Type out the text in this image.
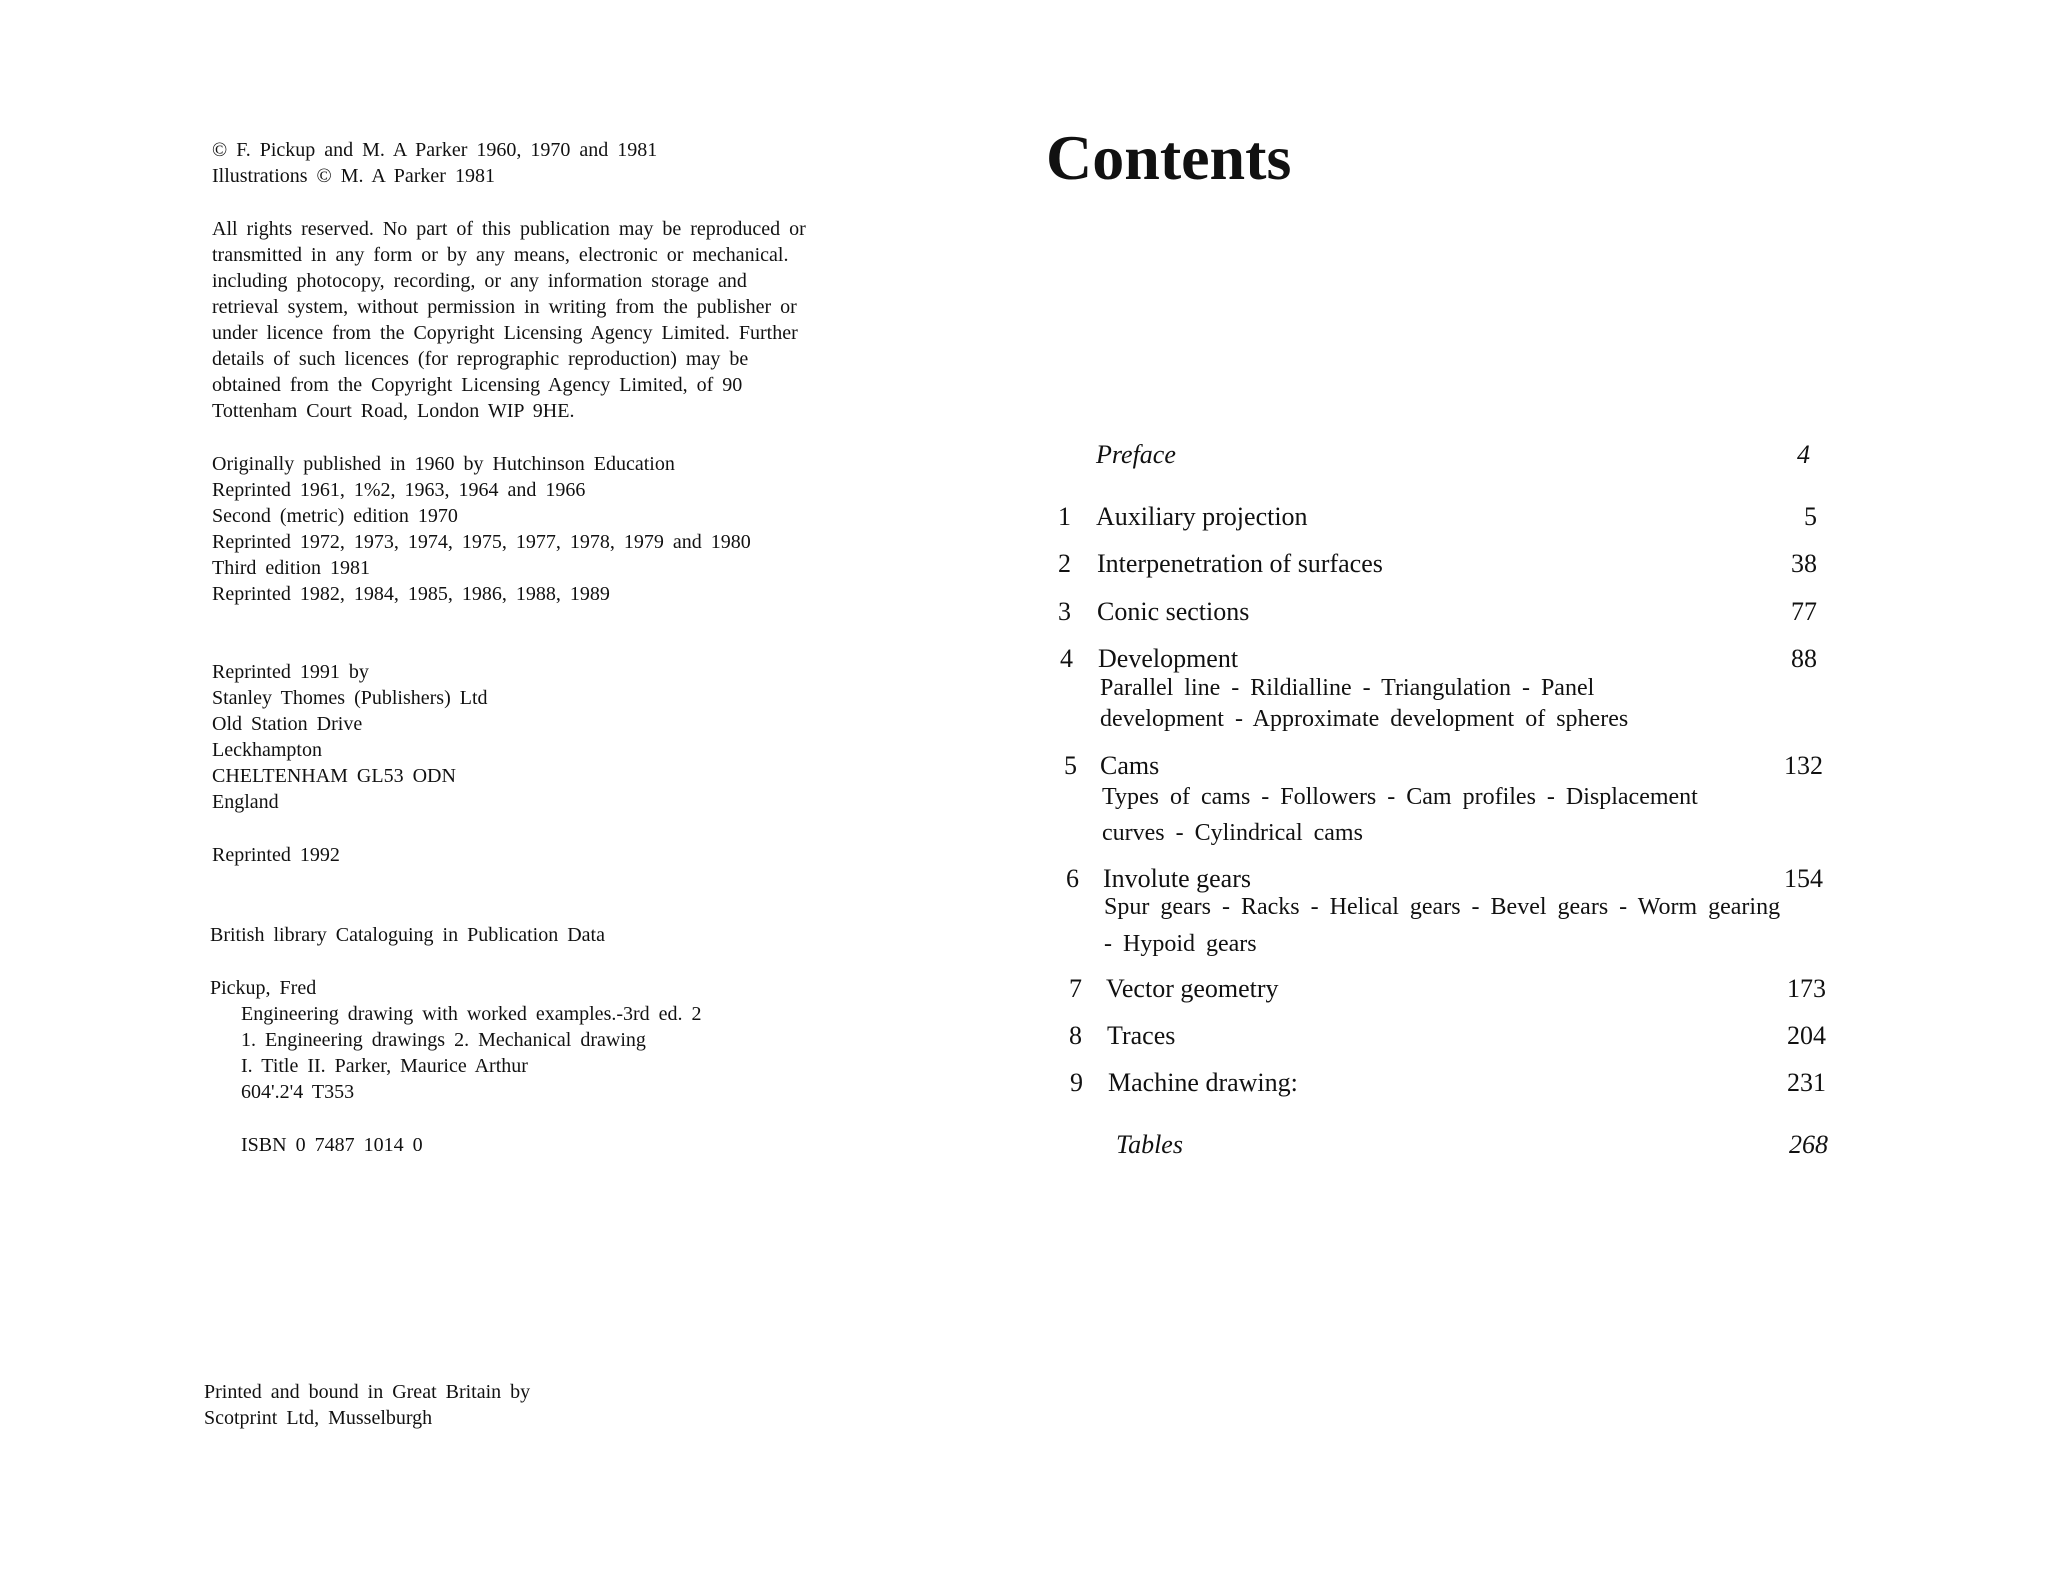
© F. Pickup and M. A Parker 1960, 1970 and 1981
Illustrations © M. A Parker 1981
All rights reserved. No part of this publication may be reproduced or
transmitted in any form or by any means, electronic or mechanical.
including photocopy, recording, or any information storage and
retrieval system, without permission in writing from the publisher or
under licence from the Copyright Licensing Agency Limited. Further
details of such licences (for reprographic reproduction) may be
obtained from the Copyright Licensing Agency Limited, of 90
Tottenham Court Road, London WIP 9HE.
Originally published in 1960 by Hutchinson Education
Reprinted 1961, 1%2, 1963, 1964 and 1966
Second (metric) edition 1970
Reprinted 1972, 1973, 1974, 1975, 1977, 1978, 1979 and 1980
Third edition 1981
Reprinted 1982, 1984, 1985, 1986, 1988, 1989
Reprinted 1991 by
Stanley Thomes (Publishers) Ltd
Old Station Drive
Leckhampton
CHELTENHAM GL53 ODN
England
Reprinted 1992
British library Cataloguing in Publication Data
Pickup, Fred
Engineering drawing with worked examples.-3rd ed. 2
1. Engineering drawings 2. Mechanical drawing
I. Title II. Parker, Maurice Arthur
604'.2'4 T353
ISBN 0 7487 1014 0
Printed and bound in Great Britain by
Scotprint Ltd, Musselburgh
Contents
Preface	4
1 Auxiliary projection	5
2 Interpenetration of surfaces	38
3 Conic sections	77
4 Development	88
Parallel line - Rildialline - Triangulation - Panel
development - Approximate development of spheres
5 Cams	132
Types of cams - Followers - Cam profiles - Displacement
curves - Cylindrical cams
6 Involute gears	154
Spur gears - Racks - Helical gears - Bevel gears - Worm gearing
- Hypoid gears
7 Vector geometry	173
8 Traces	204
9 Machine drawing:	231
Tables	268
